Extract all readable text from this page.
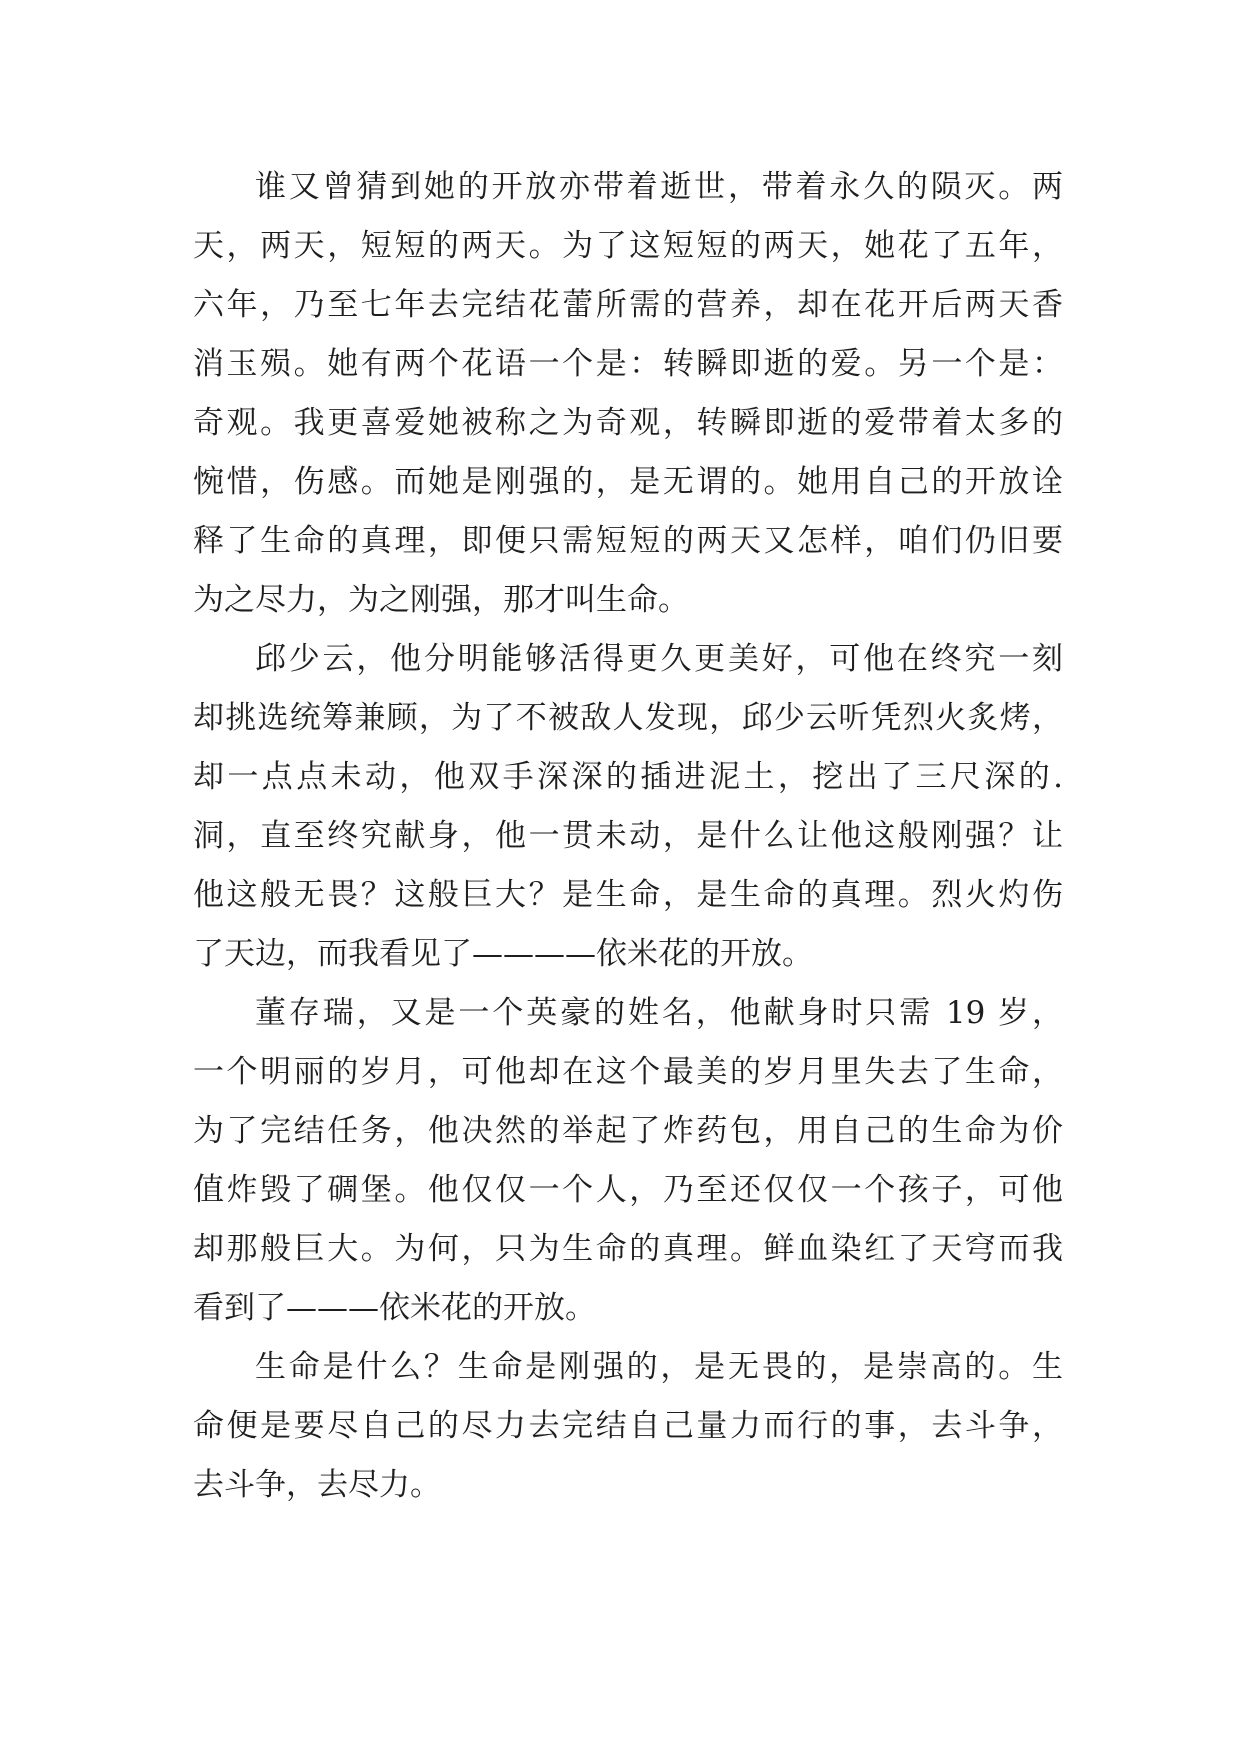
谁又曾猜到她的开放亦带着逝世，带着永久的陨灭。两
天，两天，短短的两天。为了这短短的两天，她花了五年，
六年，乃至七年去完结花蕾所需的营养，却在花开后两天香
消玉殒。她有两个花语一个是：转瞬即逝的爱。另一个是：
奇观。我更喜爱她被称之为奇观，转瞬即逝的爱带着太多的
惋惜，伤感。而她是刚强的，是无谓的。她用自己的开放诠
释了生命的真理，即便只需短短的两天又怎样，咱们仍旧要
为之尽力，为之刚强，那才叫生命。
邱少云，他分明能够活得更久更美好，可他在终究一刻
却挑选统筹兼顾，为了不被敌人发现，邱少云听凭烈火炙烤，
却一点点未动，他双手深深的插进泥土，挖出了三尺深的.
洞，直至终究献身，他一贯未动，是什么让他这般刚强？让
他这般无畏？这般巨大？是生命，是生命的真理。烈火灼伤
了天边，而我看见了————依米花的开放。
董存瑞，又是一个英豪的姓名，他献身时只需 19 岁，
一个明丽的岁月，可他却在这个最美的岁月里失去了生命，
为了完结任务，他决然的举起了炸药包，用自己的生命为价
值炸毁了碉堡。他仅仅一个人，乃至还仅仅一个孩子，可他
却那般巨大。为何，只为生命的真理。鲜血染红了天穹而我
看到了———依米花的开放。
生命是什么？生命是刚强的，是无畏的，是崇高的。生
命便是要尽自己的尽力去完结自己量力而行的事，去斗争，
去斗争，去尽力。
